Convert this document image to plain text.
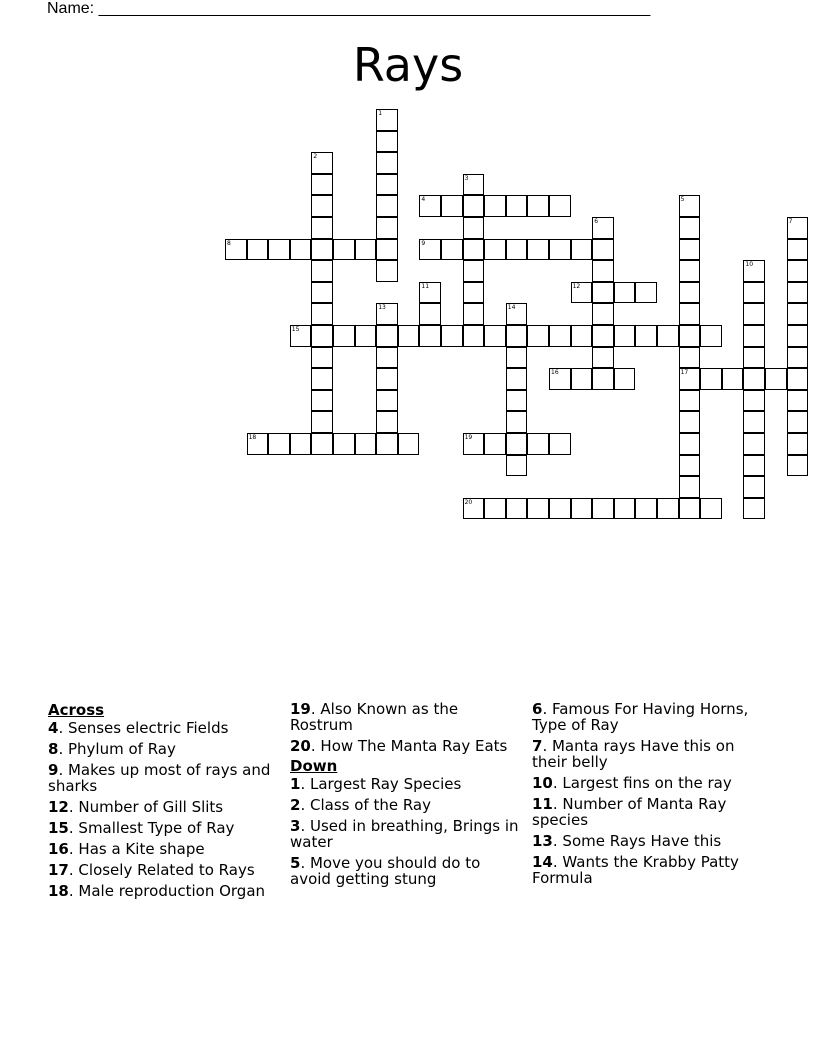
Name: ______________________________________________________________
Rays
1
2
3
4	5
17
6	7
8	9
10
11	12
13	14
15
16
18	19
20
Across
4. Senses electric Fields
8. Phylum of Ray
9. Makes up most of rays and sharks
12. Number of Gill Slits
15. Smallest Type of Ray
16. Has a Kite shape
17. Closely Related to Rays
18. Male reproduction Organ
19. Also Known as the Rostrum
20. How The Manta Ray Eats
Down
1. Largest Ray Species
2. Class of the Ray
3. Used in breathing, Brings in water
5. Move you should do to avoid getting stung
6. Famous For Having Horns, Type of Ray
7. Manta rays Have this on their belly
10. Largest fins on the ray
11. Number of Manta Ray species
13. Some Rays Have this
14. Wants the Krabby Patty Formula
